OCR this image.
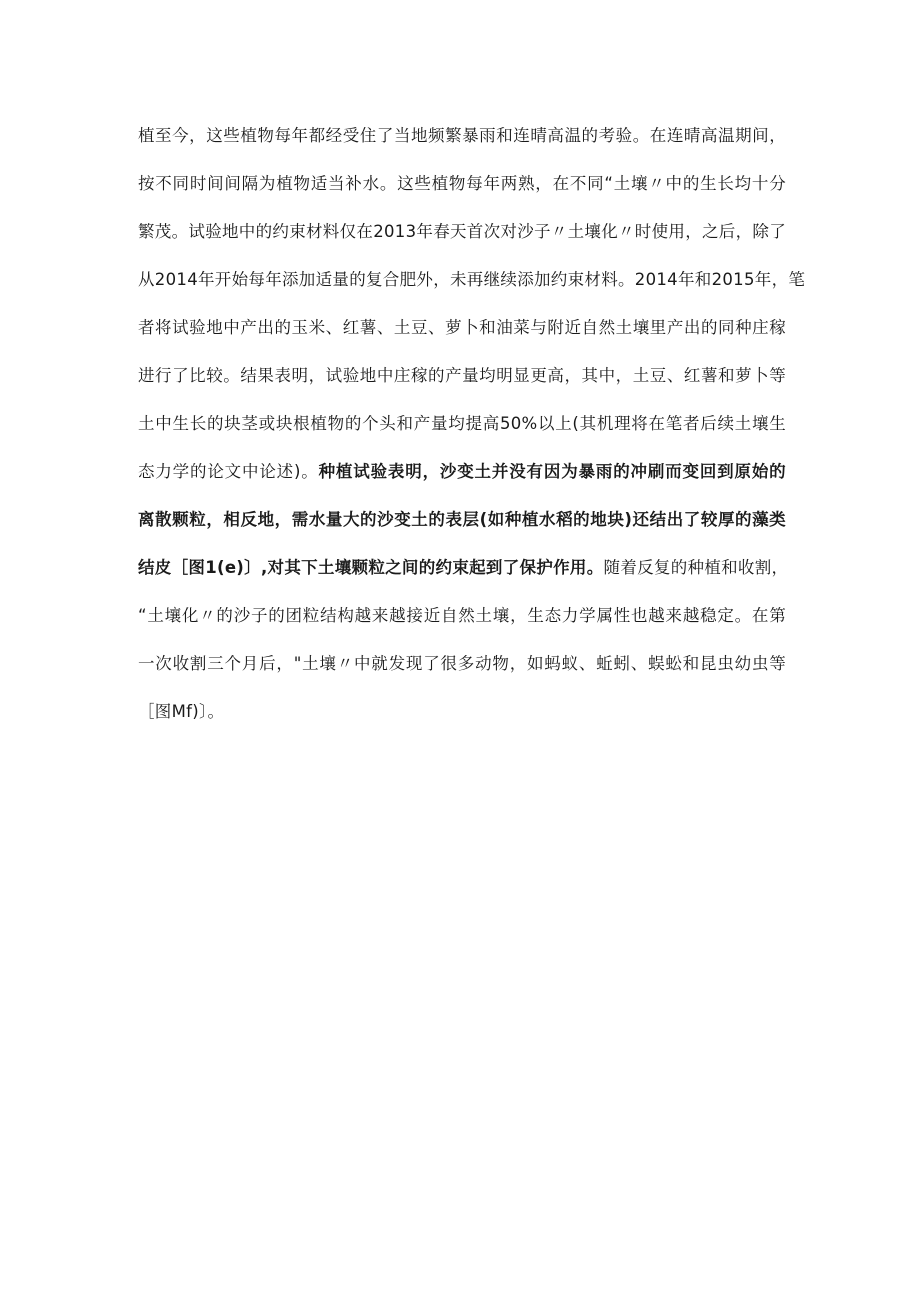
植至今，这些植物每年都经受住了当地频繁暴雨和连晴高温的考验。在连晴高温期间，
按不同时间间隔为植物适当补水。这些植物每年两熟，在不同“土壤〃中的生长均十分
繁茂。试验地中的约束材料仅在2013年春天首次对沙子〃土壤化〃时使用，之后，除了
从2014年开始每年添加适量的复合肥外，未再继续添加约束材料。2014年和2015年，笔
者将试验地中产出的玉米、红薯、土豆、萝卜和油菜与附近自然土壤里产出的同种庄稼
进行了比较。结果表明，试验地中庄稼的产量均明显更高，其中，土豆、红薯和萝卜等
土中生长的块茎或块根植物的个头和产量均提高50%以上(其机理将在笔者后续土壤生
态力学的论文中论述)。种植试验表明，沙变土并没有因为暴雨的冲刷而变回到原始的
离散颗粒，相反地，需水量大的沙变土的表层(如种植水稻的地块)还结出了较厚的藻类
结皮［图1(e)〕,对其下土壤颗粒之间的约束起到了保护作用。随着反复的种植和收割，
“土壤化〃的沙子的团粒结构越来越接近自然土壤，生态力学属性也越来越稳定。在第
一次收割三个月后，"土壤〃中就发现了很多动物，如蚂蚁、蚯蚓、蜈蚣和昆虫幼虫等
［图Mf)〕。
